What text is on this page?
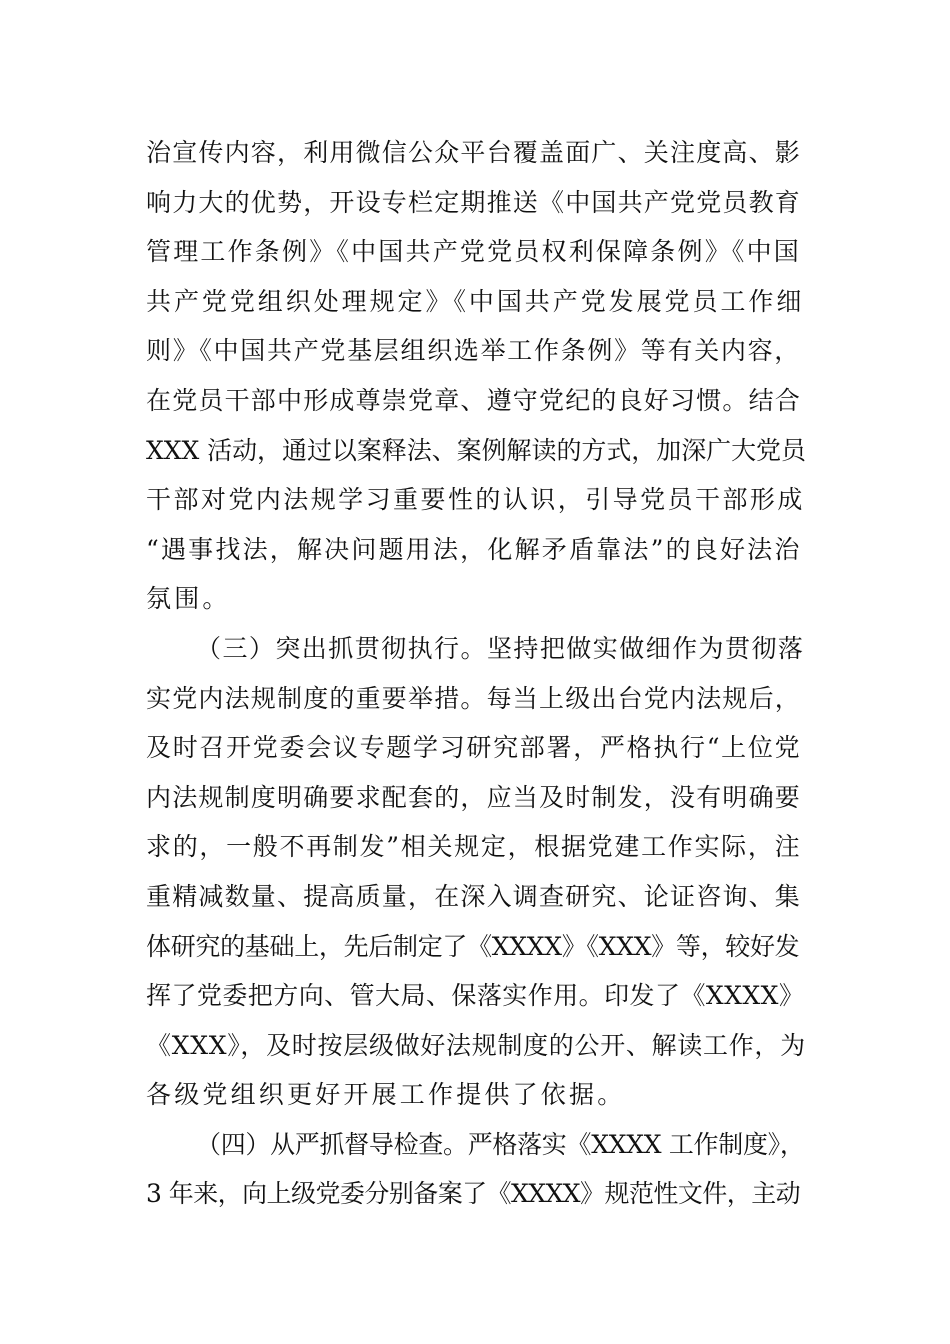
治宣传内容，利用微信公众平台覆盖面广、关注度高、影
响力大的优势，开设专栏定期推送《中国共产党党员教育
管理工作条例》《中国共产党党员权利保障条例》《中国
共产党党组织处理规定》《中国共产党发展党员工作细
则》《中国共产党基层组织选举工作条例》等有关内容，
在党员干部中形成尊崇党章、遵守党纪的良好习惯。结合
XXX 活动，通过以案释法、案例解读的方式，加深广大党员
干部对党内法规学习重要性的认识，引导党员干部形成
“遇事找法，解决问题用法，化解矛盾靠法”的良好法治
氛围。
（三）突出抓贯彻执行。坚持把做实做细作为贯彻落
实党内法规制度的重要举措。每当上级出台党内法规后，
及时召开党委会议专题学习研究部署，严格执行“上位党
内法规制度明确要求配套的，应当及时制发，没有明确要
求的，一般不再制发”相关规定，根据党建工作实际，注
重精减数量、提高质量，在深入调查研究、论证咨询、集
体研究的基础上，先后制定了《XXXX》《XXX》等，较好发
挥了党委把方向、管大局、保落实作用。印发了《XXXX》
《XXX》，及时按层级做好法规制度的公开、解读工作，为
各级党组织更好开展工作提供了依据。
（四）从严抓督导检查。严格落实《XXXX 工作制度》，
3 年来，向上级党委分别备案了《XXXX》规范性文件，主动
